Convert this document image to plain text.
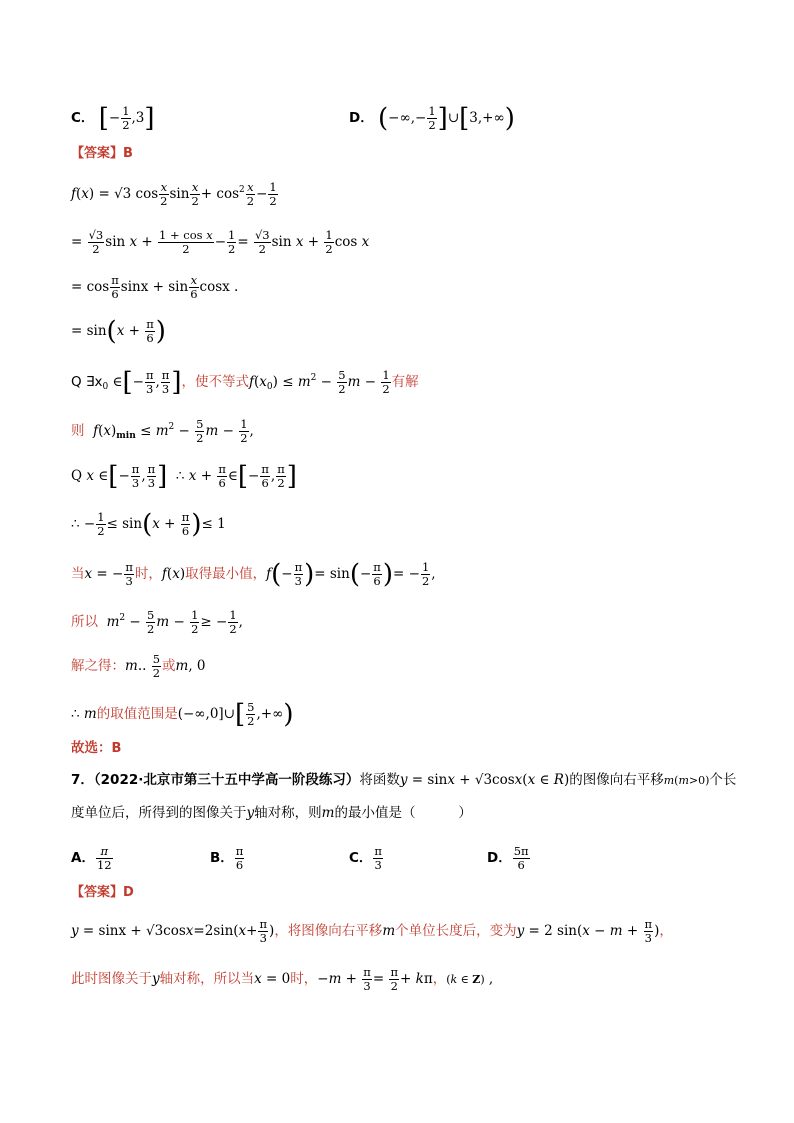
C． [− $\frac{1}{2} ,3$]	D． (−∞,− $\frac{1}{2}$ ]∪[3,+∞)
【答案】B
f(x) = √3 $\cos \frac{x}{2}$ $\sin \frac{x}{2} + \cos^2 \frac{x}{2} - \frac{1}{2}$
= $\frac{√3}{2}$ $\sin x + \frac{\text{1 + cos x}}{2} - \frac{1}{2} = \frac{√3}{2}$ $\sin x + \frac{1}{2}$ cos x
= $\cos \frac{\pi}{6}$ $\sin x + \sin \frac{x}{6}$ cosx .
= $\sin(x + \frac{\pi}{6}$ )
Q $\exists x_0$ ∈[− $\frac{\pi}{3}$ , $\frac{\pi}{3}$ ]，使不等式$f(x_0) \le m^2 - \frac{5}{2}$ $m - \frac{1}{2}$ 有解
则 $f(x)_{min} \le m^2 - \frac{5}{2}$ $m - \frac{1}{2}$ ,
Q x ∈[− $\frac{\pi}{3}$ , $\frac{\pi}{3}$ ]  ∴ $x + \frac{\pi}{6}$ ∈[− $\frac{\pi}{6}$ , $\frac{\pi}{2}$ ]
∴ − $\frac{1}{2} \le \sin(x + \frac{\pi}{6}$ )≤ 1
当x = − $\frac{\pi}{3}$ 时，f(x)取得最小值，$f(- \frac{\pi}{3}$ )= $\sin(- \frac{\pi}{6}$ )= − $\frac{1}{2}$ ,
所以 $m^2 - \frac{5}{2}$ $m - \frac{1}{2}$ ≥ − $\frac{1}{2}$ ,
解之得：m.. $\frac{5}{2}$ 或m, 0
∴ m的取值范围是(−∞,0]∪[ $\frac{5}{2}$ ,+∞)
故选：B
7．（2022·北京市第三十五中学高一阶段练习）将函数y = sinx + √3cosx(x ∈ R)的图像向右平移m(m>0)个长
度单位后，所得到的图像关于y轴对称，则m的最小值是（	）
A． $\frac{\pi}{12}$	B． $\frac{\pi}{6}$	C． $\frac{\pi}{3}$	D． $\frac{5\pi}{6}$
【答案】D
$y = \sin x + √3\cos x=2\sin(x+ \frac{\pi}{3}$ )，将图像向右平移m个单位长度后，变为y = 2 $\sin(x - m + \frac{\pi}{3}$ )，
此时图像关于y轴对称，所以当x = 0时，$-m + \frac{\pi}{3} = \frac{\pi}{2} + k\pi$，(k ∈ Z) ,
